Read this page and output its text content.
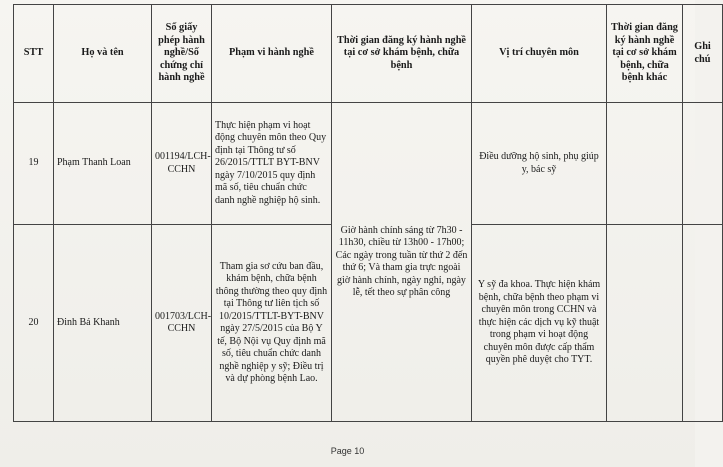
STT	Họ và tên	Số giấy phép hành nghề/Số chứng chỉ hành nghề	Phạm vi hành nghề	Thời gian đăng ký hành nghề tại cơ sở khám bệnh, chữa bệnh	Vị trí chuyên môn	Thời gian đăng ký hành nghề tại cơ sở khám bệnh, chữa bệnh khác	Ghi chú
19	Phạm Thanh Loan	001194/LCH-CCHN	Thực hiện phạm vi hoạt động chuyên môn theo Quy định tại Thông tư số 26/2015/TTLT BYT-BNV ngày 7/10/2015 quy định mã số, tiêu chuẩn chức danh nghề nghiệp hộ sinh.	Giờ hành chính sáng từ 7h30 - 11h30, chiều từ 13h00 - 17h00; Các ngày trong tuần từ thứ 2 đến thứ 6; Và tham gia trực ngoài giờ hành chính, ngày nghỉ, ngày lễ, tết theo sự phân công	Điều dưỡng hộ sinh, phụ giúp y, bác sỹ		
20	Đinh Bá Khanh	001703/LCH-CCHN	Tham gia sơ cứu ban đầu, khám bệnh, chữa bệnh thông thường theo quy định tại Thông tư liên tịch số 10/2015/TTLT-BYT-BNV ngày 27/5/2015 của Bộ Y tế, Bộ Nội vụ Quy định mã số, tiêu chuẩn chức danh nghề nghiệp y sỹ; Điều trị và dự phòng bệnh Lao.		Y sỹ đa khoa. Thực hiện khám bệnh, chữa bệnh theo phạm vi chuyên môn trong CCHN và thực hiện các dịch vụ kỹ thuật trong phạm vi hoạt động chuyên môn được cấp thẩm quyền phê duyệt cho TYT.		
Page 10
